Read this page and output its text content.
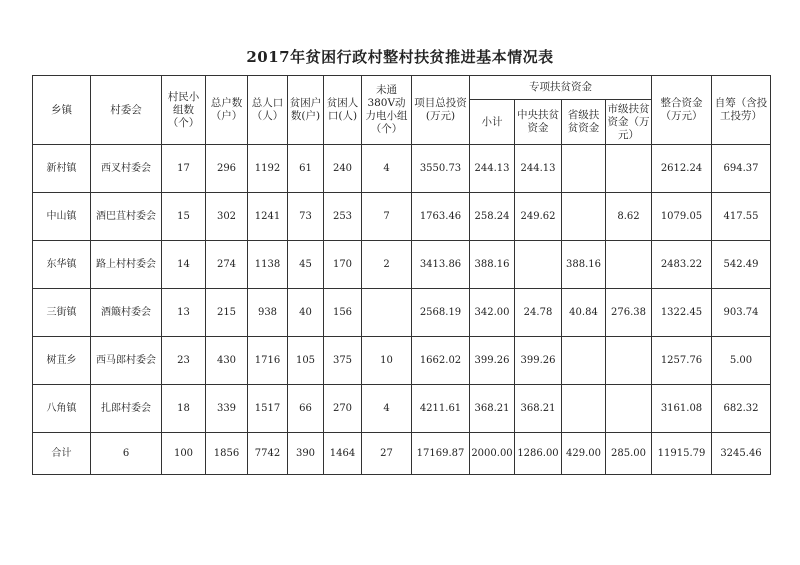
2017年贫困行政村整村扶贫推进基本情况表
乡镇	村委会	村民小组数（个）	总户数（户）	总人口（人）	贫困户数(户)	贫困人口(人)	未通380V动力电小组（个）	项目总投资(万元)	专项扶贫资金				整合资金（万元）	自筹（含投工投劳）
									小计	中央扶贫资金	省级扶贫资金	市级扶贫资金（万元）		
新村镇	西叉村委会	17	296	1192	61	240	4	3550.73	244.13	244.13			2612.24	694.37
中山镇	酒巴苴村委会	15	302	1241	73	253	7	1763.46	258.24	249.62		8.62	1079.05	417.55
东华镇	路上村村委会	14	274	1138	45	170	2	3413.86	388.16		388.16		2483.22	542.49
三街镇	酒簸村委会	13	215	938	40	156		2568.19	342.00	24.78	40.84	276.38	1322.45	903.74
树苴乡	西马郎村委会	23	430	1716	105	375	10	1662.02	399.26	399.26			1257.76	5.00
八角镇	扎郎村委会	18	339	1517	66	270	4	4211.61	368.21	368.21			3161.08	682.32
合计	6	100	1856	7742	390	1464	27	17169.87	2000.00	1286.00	429.00	285.00	11915.79	3245.46
